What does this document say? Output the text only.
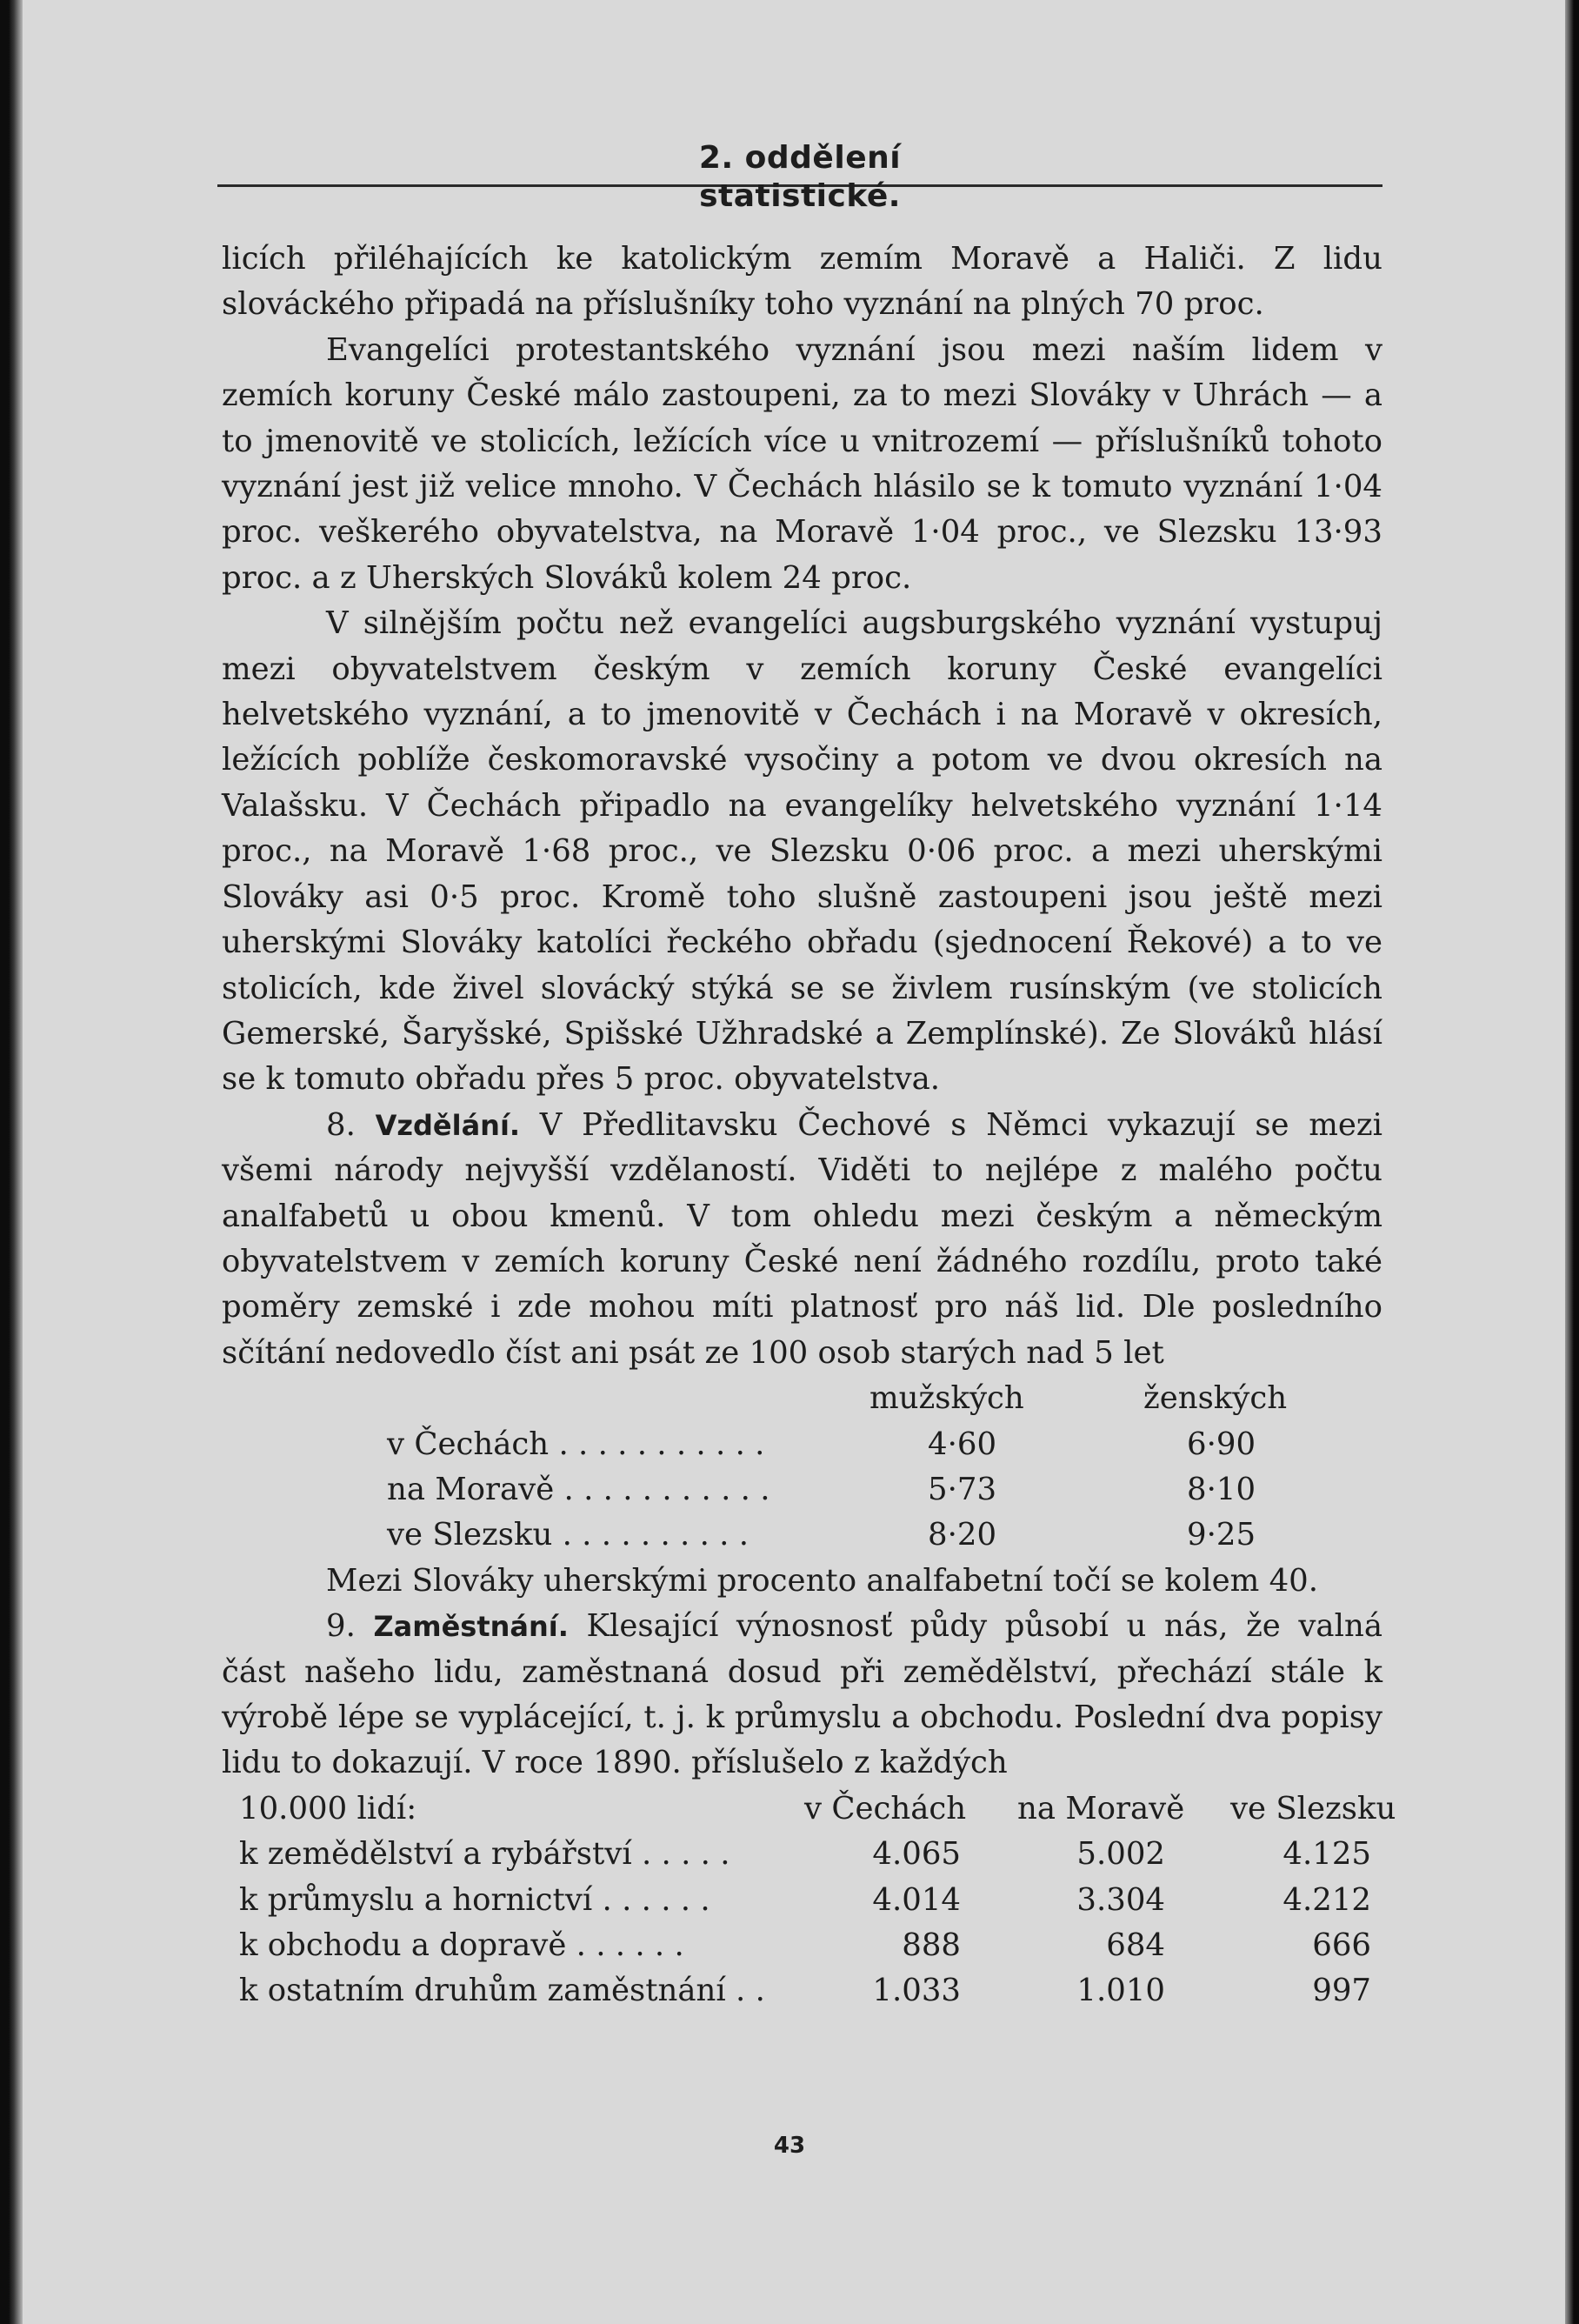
2. oddělení statistické.

licích přiléhajících ke katolickým zemím Moravě a Haliči. Z lidu slováckého připadá na příslušníky toho vyznání na plných 70 proc.

Evangelíci protestantského vyznání jsou mezi naším lidem v zemích koruny České málo zastoupeni, za to mezi Slováky v Uhrách — a to jmenovitě ve stolicích, ležících více u vnitrozemí — příslušníků tohoto vyznání jest již velice mnoho. V Čechách hlásilo se k tomuto vyznání 1·04 proc. veškerého obyvatelstva, na Moravě 1·04 proc., ve Slezsku 13·93 proc. a z Uherských Slováků kolem 24 proc.

V silnějším počtu než evangelíci augsburgského vyznání vystupuj mezi obyvatelstvem českým v zemích koruny České evangelíci helvetského vyznání, a to jmenovitě v Čechách i na Moravě v okresích, ležících poblíže českomoravské vysočiny a potom ve dvou okresích na Valašsku. V Čechách připadlo na evangelíky helvetského vyznání 1·14 proc., na Moravě 1·68 proc., ve Slezsku 0·06 proc. a mezi uherskými Slováky asi 0·5 proc. Kromě toho slušně zastoupeni jsou ještě mezi uherskými Slováky katolíci řeckého obřadu (sjednocení Řekové) a to ve stolicích, kde živel slovácký stýká se se živlem rusínským (ve stolicích Gemerské, Šaryšské, Spišské Užhradské a Zemplínské). Ze Slováků hlásí se k tomuto obřadu přes 5 proc. obyvatelstva.

8. Vzdělání. V Předlitavsku Čechové s Němci vykazují se mezi všemi národy nejvyšší vzdělaností. Viděti to nejlépe z malého počtu analfabetů u obou kmenů. V tom ohledu mezi českým a německým obyvatelstvem v zemích koruny České není žádného rozdílu, proto také poměry zemské i zde mohou míti platnosť pro náš lid. Dle posledního sčítání nedovedlo číst ani psát ze 100 osob starých nad 5 let

mužských	ženských
v Čechách . . . . . . . . . . .	4·60	6·90
na Moravě . . . . . . . . . . .	5·73	8·10
ve Slezsku . . . . . . . . . .	8·20	9·25

Mezi Slováky uherskými procento analfabetní točí se kolem 40.

9. Zaměstnání. Klesající výnosnosť půdy působí u nás, že valná část našeho lidu, zaměstnaná dosud při zemědělství, přechází stále k výrobě lépe se vyplácející, t. j. k průmyslu a obchodu. Poslední dva popisy lidu to dokazují. V roce 1890. příslušelo z každých

10.000 lidí:	v Čechách na Moravě ve Slezsku
k zemědělství a rybářství . . . . .	4.065	5.002	4.125
k průmyslu a hornictví . . . . . .	4.014	3.304	4.212
k obchodu a dopravě . . . . . .	888	684	666
k ostatním druhům zaměstnání . .	1.033	1.010	997
43
